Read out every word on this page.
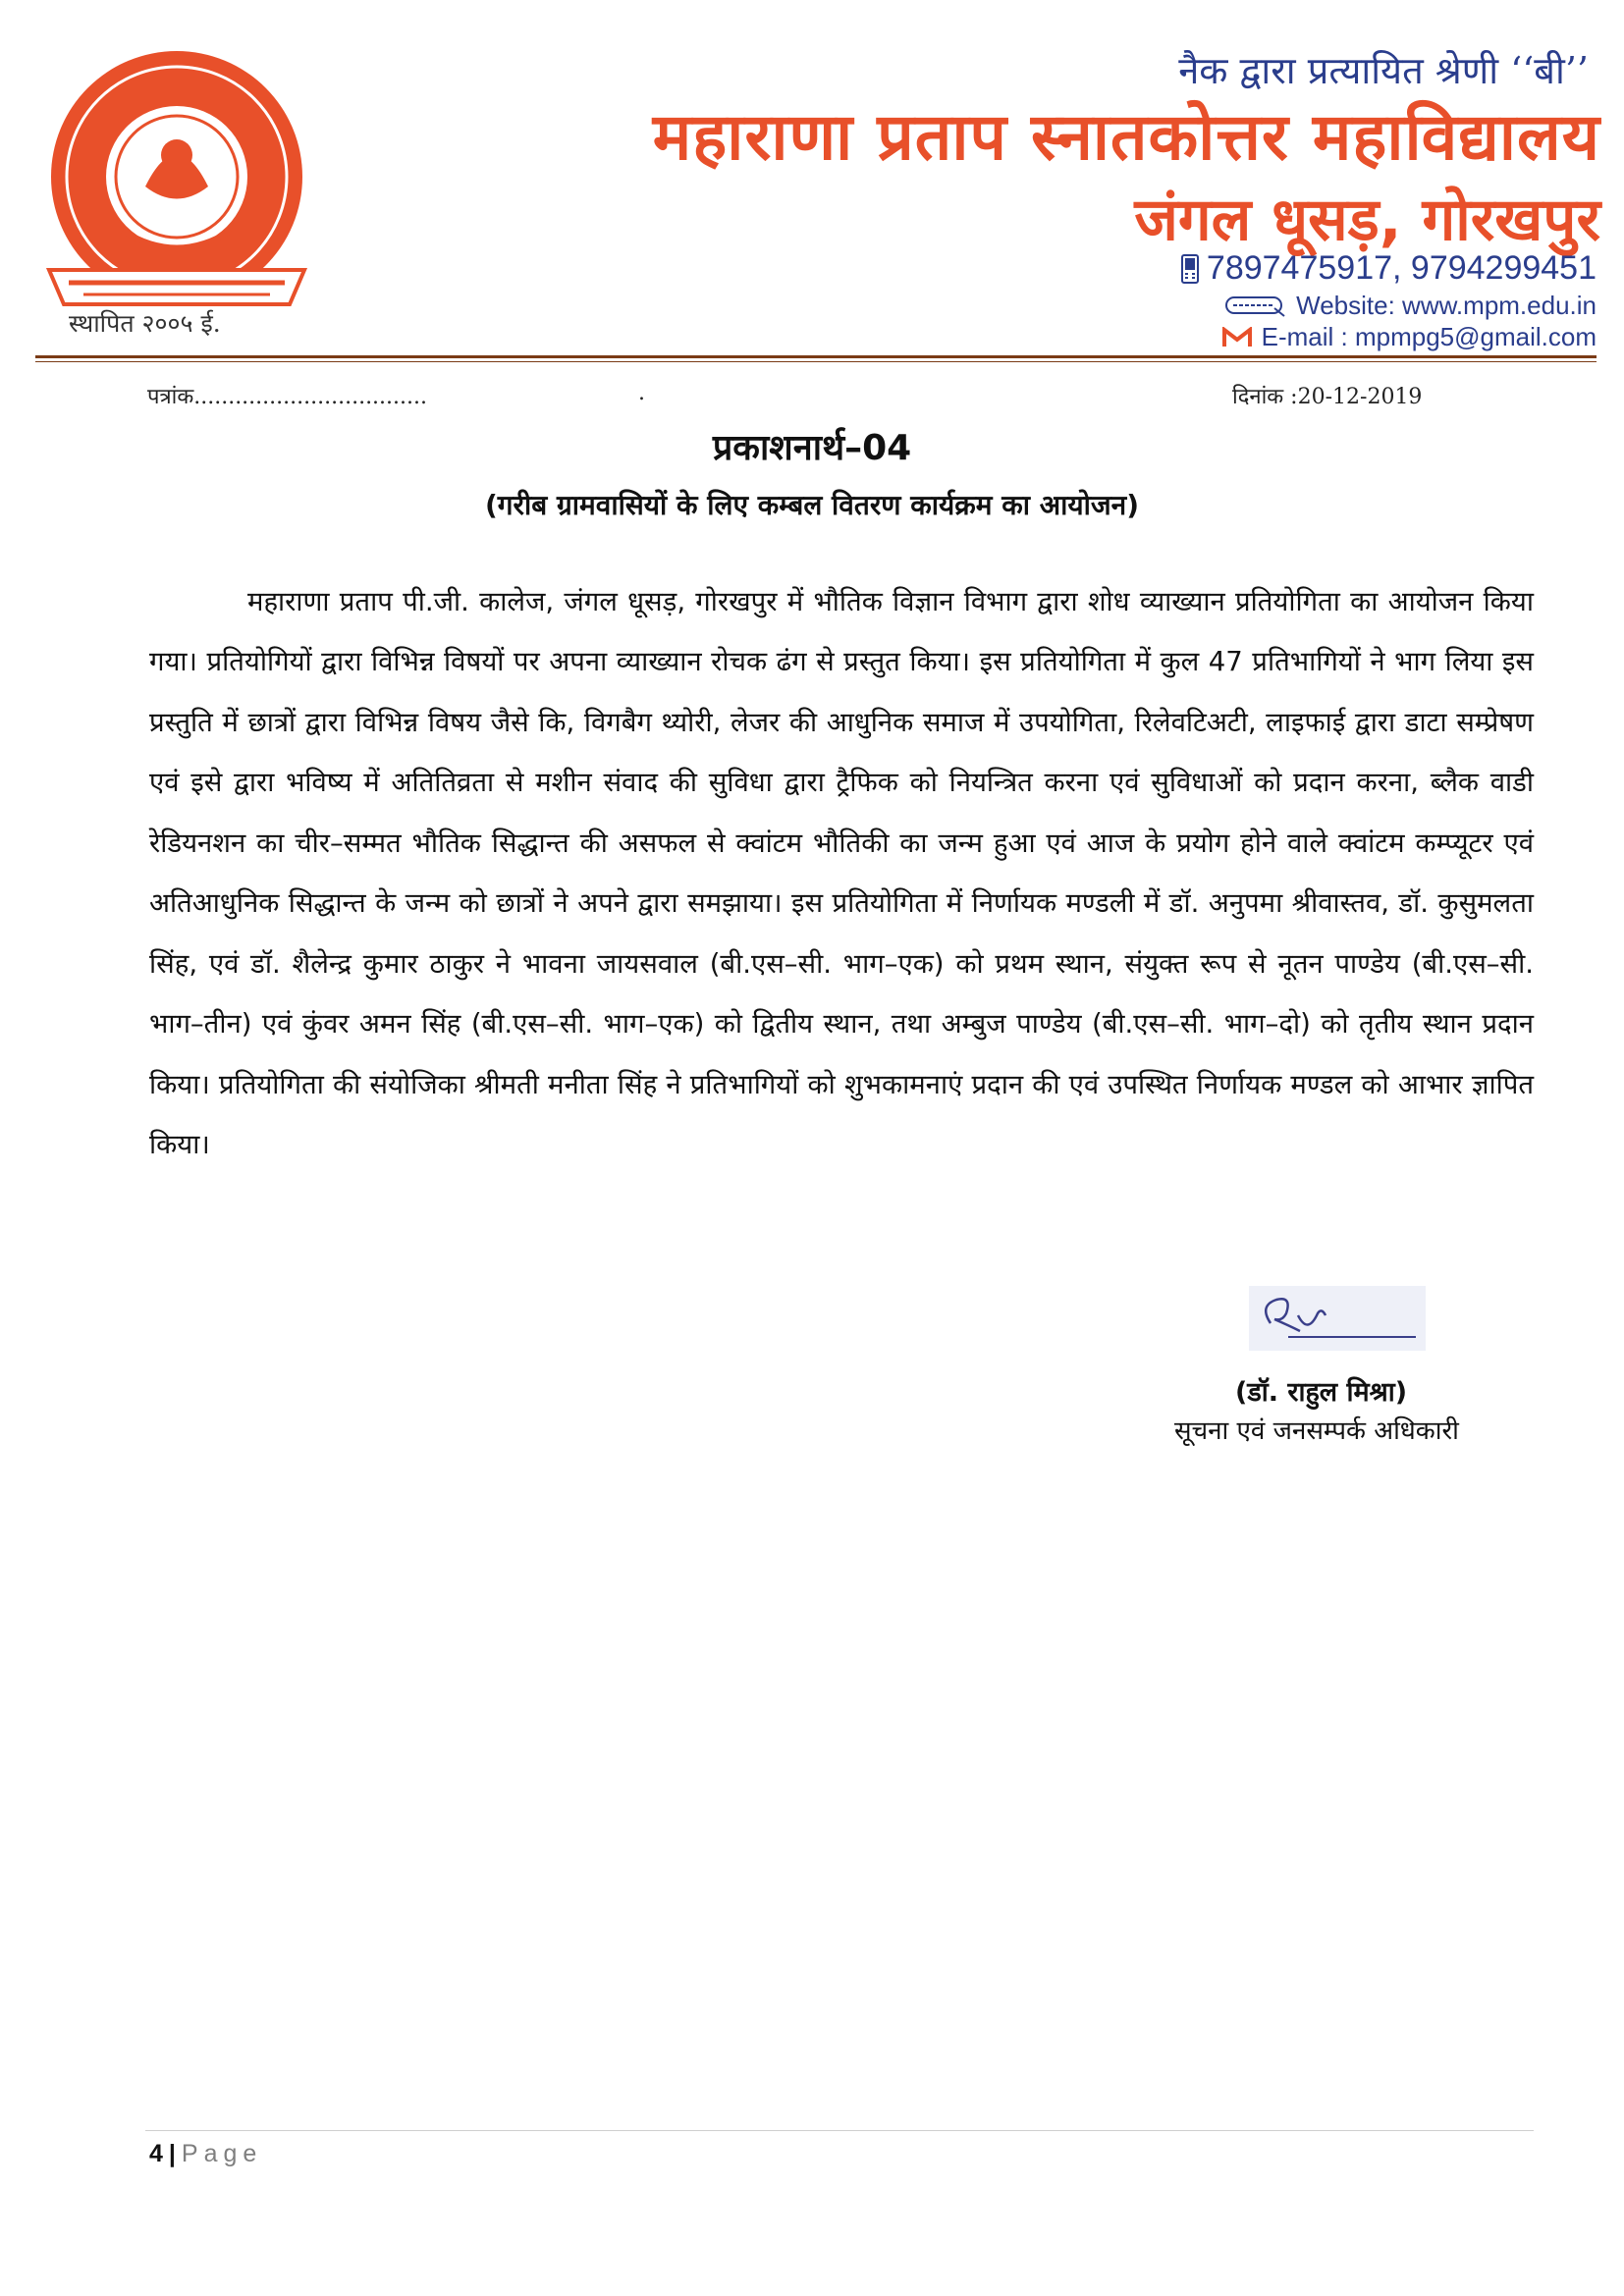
स्थापित २००५ ई.
नैक द्वारा प्रत्यायित श्रेणी ‘‘बी’’
महाराणा प्रताप स्नातकोत्तर महाविद्यालय
जंगल धूसड़, गोरखपुर
7897475917, 9794299451
Website: www.mpm.edu.in
E-mail : mpmpg5@gmail.com
पत्रांक..................................	.	दिनांक :20-12-2019
प्रकाशनार्थ–04
(गरीब ग्रामवासियों के लिए कम्बल वितरण कार्यक्रम का आयोजन)

महाराणा प्रताप पी.जी. कालेज, जंगल धूसड़, गोरखपुर में भौतिक विज्ञान विभाग द्वारा शोध व्याख्यान प्रतियोगिता का आयोजन किया गया। प्रतियोगियों द्वारा विभिन्न विषयों पर अपना व्याख्यान रोचक ढंग से प्रस्तुत किया। इस प्रतियोगिता में कुल 47 प्रतिभागियों ने भाग लिया इस प्रस्तुति में छात्रों द्वारा विभिन्न विषय जैसे कि, विगबैग थ्योरी, लेजर की आधुनिक समाज में उपयोगिता, रिलेवटिअटी, लाइफाई द्वारा डाटा सम्प्रेषण एवं इसे द्वारा भविष्य में अतितिव्रता से मशीन संवाद की सुविधा द्वारा ट्रैफिक को नियन्त्रित करना एवं सुविधाओं को प्रदान करना, ब्लैक वाडी रेडियनशन का चीर–सम्मत भौतिक सिद्धान्त की असफल से क्वांटम भौतिकी का जन्म हुआ एवं आज के प्रयोग होने वाले क्वांटम कम्प्यूटर एवं अतिआधुनिक सिद्धान्त के जन्म को छात्रों ने अपने द्वारा समझाया। इस प्रतियोगिता में निर्णायक मण्डली में डॉ. अनुपमा श्रीवास्तव, डॉ. कुसुमलता सिंह, एवं डॉ. शैलेन्द्र कुमार ठाकुर ने भावना जायसवाल (बी.एस–सी. भाग–एक) को प्रथम स्थान, संयुक्त रूप से नूतन पाण्डेय (बी.एस–सी. भाग–तीन) एवं कुंवर अमन सिंह (बी.एस–सी. भाग–एक) को द्वितीय स्थान, तथा अम्बुज पाण्डेय (बी.एस–सी. भाग–दो) को तृतीय स्थान प्रदान किया। प्रतियोगिता की संयोजिका श्रीमती मनीता सिंह ने प्रतिभागियों को शुभकामनाएं प्रदान की एवं उपस्थित निर्णायक मण्डल को आभार ज्ञापित किया।

(डॉ. राहुल मिश्रा)
सूचना एवं जनसम्पर्क अधिकारी
4 | Page
